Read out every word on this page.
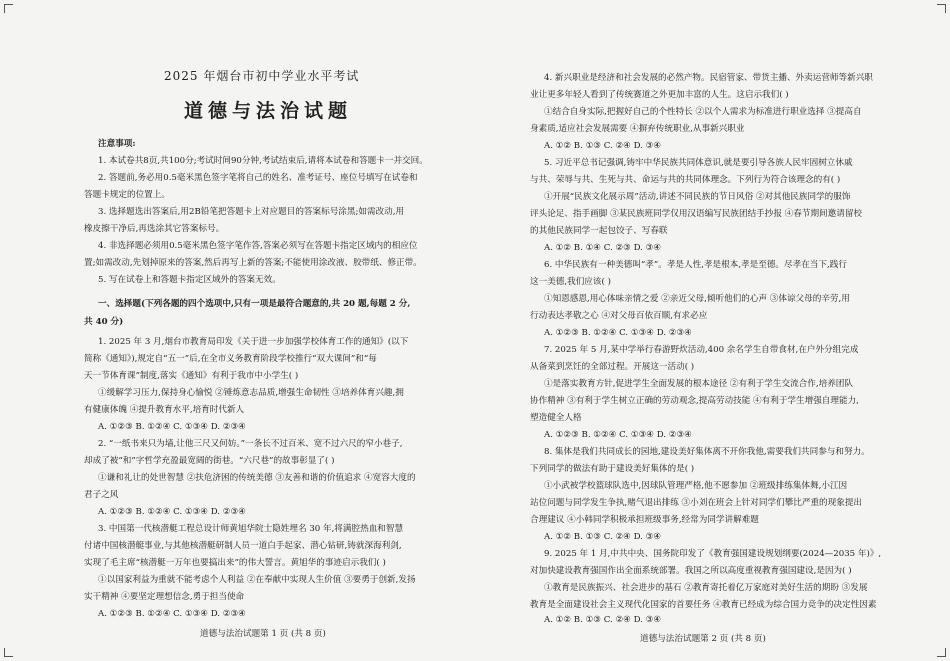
2025 年烟台市初中学业水平考试
道德与法治试题
注意事项:
1. 本试卷共8页,共100分;考试时间90分钟,考试结束后,请将本试卷和答题卡一并交回。
2. 答题前,务必用0.5毫米黑色签字笔将自己的姓名、准考证号、座位号填写在试卷和
答题卡规定的位置上。
3. 选择题选出答案后,用2B铅笔把答题卡上对应题目的答案标号涂黑;如需改动,用
橡皮擦干净后,再选涂其它答案标号。
4. 非选择题必须用0.5毫米黑色签字笔作答,答案必须写在答题卡指定区域内的相应位
置;如需改动,先划掉原来的答案,然后再写上新的答案;不能使用涂改液、胶带纸、修正带。
5. 写在试卷上和答题卡指定区域外的答案无效。
一、选择题(下列各题的四个选项中,只有一项是最符合题意的,共 20 题,每题 2 分,
共 40 分)
1. 2025 年 3 月,烟台市教育局印发《关于进一步加强学校体育工作的通知》(以下
简称《通知》),规定自“五一”后,在全市义务教育阶段学校推行“双大课间”和“每
天一节体育课”制度,落实《通知》有利于我市中小学生( )
①缓解学习压力,保持身心愉悦 ②锤炼意志品质,增强生命韧性 ③培养体育兴趣,拥
有健康体魄 ④提升教育水平,培育时代新人
A. ①②③ B. ①②④ C. ①③④ D. ②③④
2. “一纸书来只为墙,让他三尺又何妨。”一条长不过百米、宽不过六尺的窄小巷子,
却成了被“和”字哲学充盈最宽阔的街巷。“六尺巷”的故事彰显了( )
①谦和礼让的处世智慧 ②扶危济困的传统美德 ③友善和谐的价值追求 ④宽容大度的
君子之风
A. ①②③ B. ①②④ C. ①③④ D. ②③④
3. 中国第一代核潜艇工程总设计师黄旭华院士隐姓埋名 30 年,将满腔热血和智慧
付诸中国核潜艇事业,与其他核潜艇研制人员一道白手起家、潜心钻研,铸就深海利剑,
实现了毛主席“核潜艇一万年也要搞出来”的伟大誓言。黄旭华的事迹启示我们( )
①以国家利益为重就不能考虑个人利益 ②在奉献中实现人生价值 ③要勇于创新,发扬
实干精神 ④要坚定理想信念,勇于担当使命
A. ①②③ B. ①②④ C. ①③④ D. ②③④
道德与法治试题第 1 页 (共 8 页)
4. 新兴职业是经济和社会发展的必然产物。民宿管家、带货主播、外卖运营师等新兴职
业让更多年轻人看到了传统赛道之外更加丰富的人生。这启示我们( )
①结合自身实际,把握好自己的个性特长 ②以个人需求为标准进行职业选择 ③提高自
身素质,适应社会发展需要 ④摒弃传统职业,从事新兴职业
A. ①② B. ①③ C. ②④ D. ③④
5. 习近平总书记强调,铸牢中华民族共同体意识,就是要引导各族人民牢固树立休戚
与共、荣辱与共、生死与共、命运与共的共同体理念。下列行为符合该理念的有( )
①开展“民族文化展示周”活动,讲述不同民族的节日风俗 ②对其他民族同学的服饰
评头论足、指手画脚 ③某民族班同学仅用汉语编写民族团结手抄报 ④春节期间邀请留校
的其他民族同学一起包饺子、写春联
A. ①② B. ①④ C. ②③ D. ③④
6. 中华民族有一种美德叫“孝”。孝是人性,孝是根本,孝是至德。尽孝在当下,践行
这一美德,我们应该( )
①知恩感恩,用心体味亲情之爱 ②亲近父母,倾听他们的心声 ③体谅父母的辛劳,用
行动表达孝敬之心 ④对父母百依百顺,有求必应
A. ①②③ B. ①②④ C. ①③④ D. ②③④
7. 2025 年 5 月,某中学举行春游野炊活动,400 余名学生自带食材,在户外分组完成
从备菜到烹饪的全部过程。开展这一活动( )
①是落实教育方针,促进学生全面发展的根本途径 ②有利于学生交流合作,培养团队
协作精神 ③有利于学生树立正确的劳动观念,提高劳动技能 ④有利于学生增强自理能力,
塑造健全人格
A. ①②③ B. ①②④ C. ①③④ D. ②③④
8. 集体是我们共同成长的园地,建设美好集体离不开你我他,需要我们共同参与和努力。
下列同学的做法有助于建设美好集体的是( )
①小武被学校篮球队选中,因球队管理严格,他不愿参加 ②班级排练集体舞,小江因
站位问题与同学发生争执,赌气退出排练 ③小刘在班会上针对同学们攀比严重的现象提出
合理建议 ④小韩同学积极承担班级事务,经常为同学讲解难题
A. ①② B. ①③ C. ②④ D. ③④
9. 2025 年 1 月,中共中央、国务院印发了《教育强国建设规划纲要(2024—2035 年)》,
对加快建设教育强国作出全面系统部署。我国之所以高度重视教育强国建设,是因为( )
①教育是民族振兴、社会进步的基石 ②教育寄托着亿万家庭对美好生活的期盼 ③发展
教育是全面建设社会主义现代化国家的首要任务 ④教育已经成为综合国力竞争的决定性因素
A. ①② B. ①③ C. ②④ D. ③④
道德与法治试题第 2 页 (共 8 页)
